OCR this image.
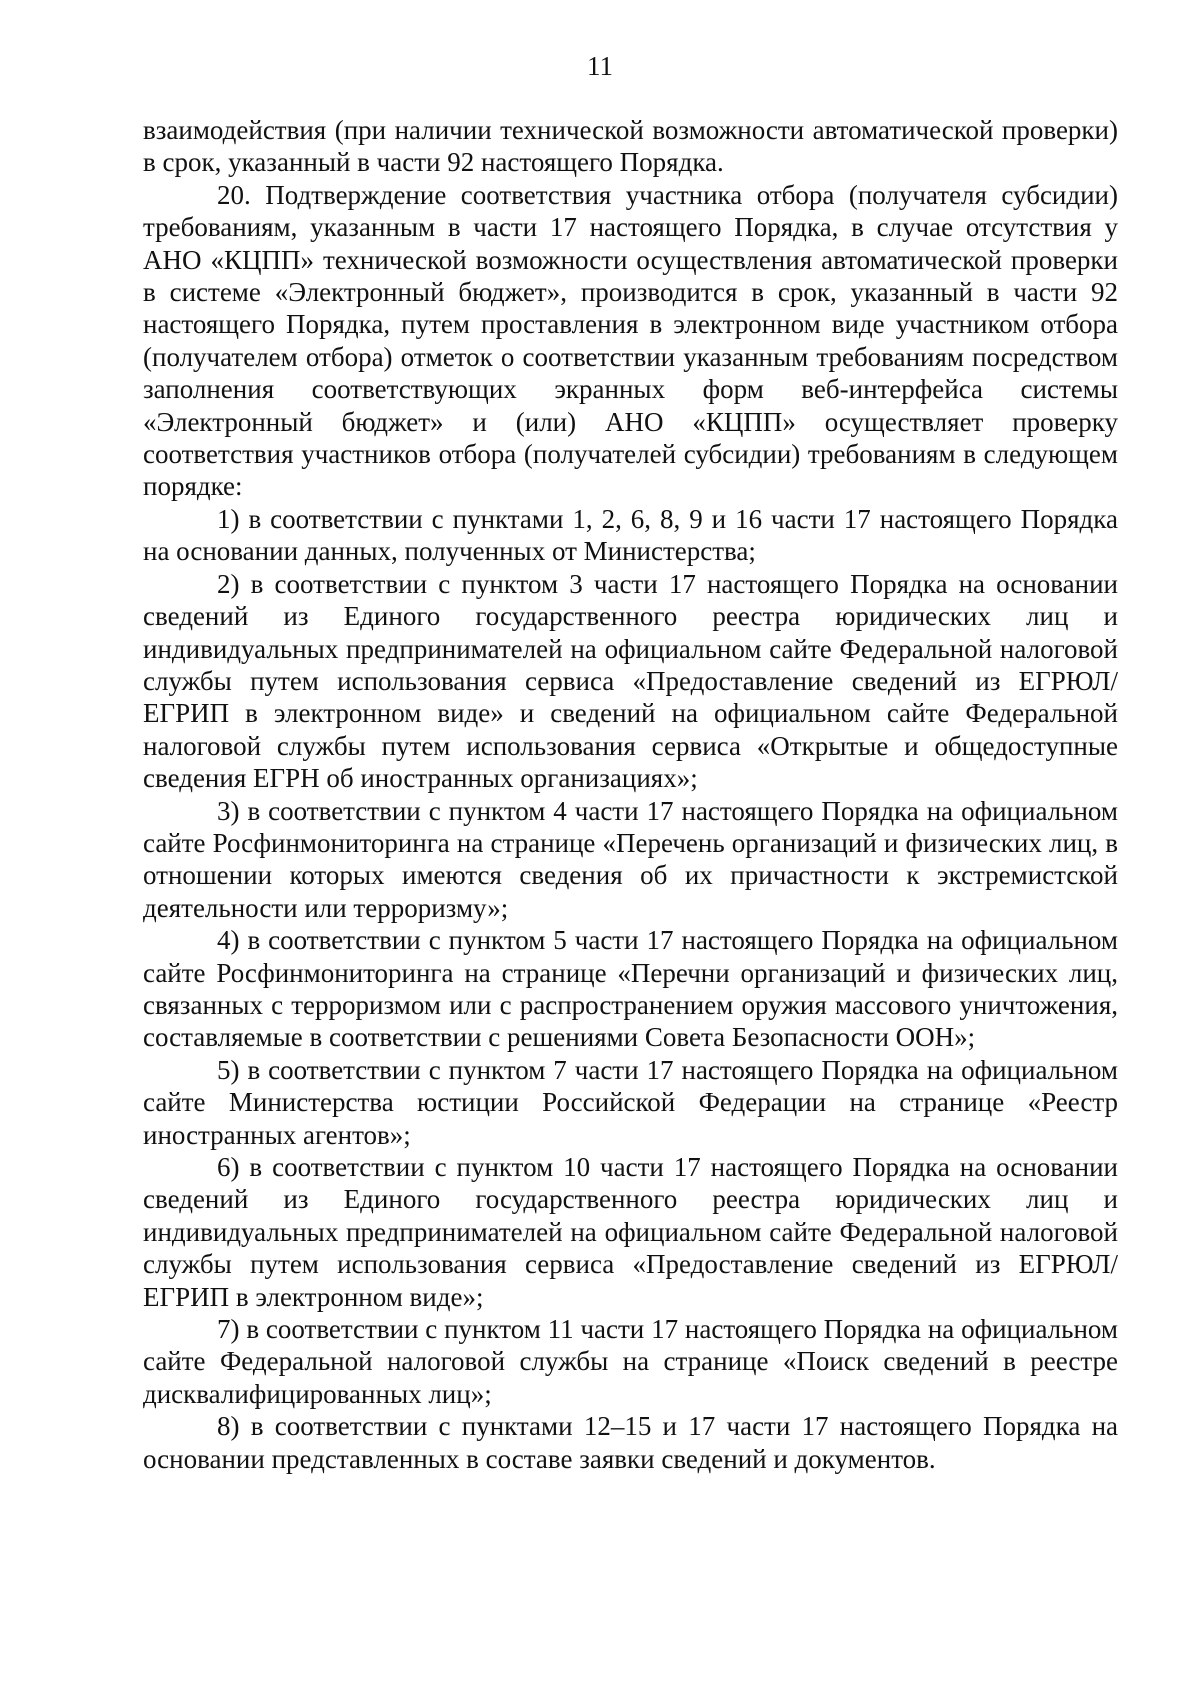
11

взаимодействия (при наличии технической возможности автоматической проверки) в срок, указанный в части 92 настоящего Порядка.

20. Подтверждение соответствия участника отбора (получателя субсидии) требованиям, указанным в части 17 настоящего Порядка, в случае отсутствия у АНО «КЦПП» технической возможности осуществления автоматической проверки в системе «Электронный бюджет», производится в срок, указанный в части 92 настоящего Порядка, путем проставления в электронном виде участником отбора (получателем отбора) отметок о соответствии указанным требованиям посредством заполнения соответствующих экранных форм веб-интерфейса системы «Электронный бюджет» и (или) АНО «КЦПП» осуществляет проверку соответствия участников отбора (получателей субсидии) требованиям в следующем порядке:

1) в соответствии с пунктами 1, 2, 6, 8, 9 и 16 части 17 настоящего Порядка на основании данных, полученных от Министерства;

2) в соответствии с пунктом 3 части 17 настоящего Порядка на основании сведений из Единого государственного реестра юридических лиц и индивидуальных предпринимателей на официальном сайте Федеральной налоговой службы путем использования сервиса «Предоставление сведений из ЕГРЮЛ/ЕГРИП в электронном виде» и сведений на официальном сайте Федеральной налоговой службы путем использования сервиса «Открытые и общедоступные сведения ЕГРН об иностранных организациях»;

3) в соответствии с пунктом 4 части 17 настоящего Порядка на официальном сайте Росфинмониторинга на странице «Перечень организаций и физических лиц, в отношении которых имеются сведения об их причастности к экстремистской деятельности или терроризму»;

4) в соответствии с пунктом 5 части 17 настоящего Порядка на официальном сайте Росфинмониторинга на странице «Перечни организаций и физических лиц, связанных с терроризмом или с распространением оружия массового уничтожения, составляемые в соответствии с решениями Совета Безопасности ООН»;

5) в соответствии с пунктом 7 части 17 настоящего Порядка на официальном сайте Министерства юстиции Российской Федерации на странице «Реестр иностранных агентов»;

6) в соответствии с пунктом 10 части 17 настоящего Порядка на основании сведений из Единого государственного реестра юридических лиц и индивидуальных предпринимателей на официальном сайте Федеральной налоговой службы путем использования сервиса «Предоставление сведений из ЕГРЮЛ/ЕГРИП в электронном виде»;

7) в соответствии с пунктом 11 части 17 настоящего Порядка на официальном сайте Федеральной налоговой службы на странице «Поиск сведений в реестре дисквалифицированных лиц»;

8) в соответствии с пунктами 12–15 и 17 части 17 настоящего Порядка на основании представленных в составе заявки сведений и документов.
